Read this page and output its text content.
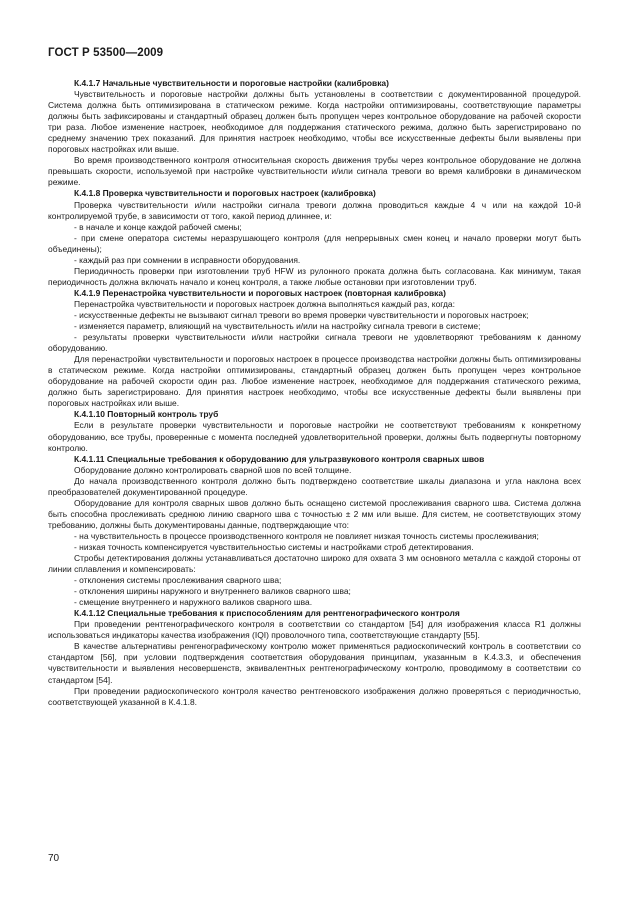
ГОСТ Р 53500—2009

К.4.1.7 Начальные чувствительности и пороговые настройки (калибровка)

Чувствительность и пороговые настройки должны быть установлены в соответствии с документированной процедурой. Система должна быть оптимизирована в статическом режиме. Когда настройки оптимизированы, соответствующие параметры должны быть зафиксированы и стандартный образец должен быть пропущен через контрольное оборудование на рабочей скорости три раза. Любое изменение настроек, необходимое для поддержания статического режима, должно быть зарегистрировано по среднему значению трех показаний. Для принятия настроек необходимо, чтобы все искусственные дефекты были выявлены при пороговых настройках или выше.

Во время производственного контроля относительная скорость движения трубы через контрольное оборудование не должна превышать скорости, используемой при настройке чувствительности и/или сигнала тревоги во время калибровки в динамическом режиме.

К.4.1.8 Проверка чувствительности и пороговых настроек (калибровка)

Проверка чувствительности и/или настройки сигнала тревоги должна проводиться каждые 4 ч или на каждой 10-й контролируемой трубе, в зависимости от того, какой период длиннее, и:

- в начале и конце каждой рабочей смены;

- при смене оператора системы неразрушающего контроля (для непрерывных смен конец и начало проверки могут быть объединены);

- каждый раз при сомнении в исправности оборудования.

Периодичность проверки при изготовлении труб HFW из рулонного проката должна быть согласована. Как минимум, такая периодичность должна включать начало и конец контроля, а также любые остановки при изготовлении труб.

К.4.1.9 Перенастройка чувствительности и пороговых настроек (повторная калибровка)

Перенастройка чувствительности и пороговых настроек должна выполняться каждый раз, когда:

- искусственные дефекты не вызывают сигнал тревоги во время проверки чувствительности и пороговых настроек;

- изменяется параметр, влияющий на чувствительность и/или на настройку сигнала тревоги в системе;

- результаты проверки чувствительности и/или настройки сигнала тревоги не удовлетворяют требованиям к данному оборудованию.

Для перенастройки чувствительности и пороговых настроек в процессе производства настройки должны быть оптимизированы в статическом режиме. Когда настройки оптимизированы, стандартный образец должен быть пропущен через контрольное оборудование на рабочей скорости один раз. Любое изменение настроек, необходимое для поддержания статического режима, должно быть зарегистрировано. Для принятия настроек необходимо, чтобы все искусственные дефекты были выявлены при пороговых настройках или выше.

К.4.1.10 Повторный контроль труб

Если в результате проверки чувствительности и пороговые настройки не соответствуют требованиям к конкретному оборудованию, все трубы, проверенные с момента последней удовлетворительной проверки, должны быть подвергнуты повторному контролю.

К.4.1.11 Специальные требования к оборудованию для ультразвукового контроля сварных швов

Оборудование должно контролировать сварной шов по всей толщине.

До начала производственного контроля должно быть подтверждено соответствие шкалы диапазона и угла наклона всех преобразователей документированной процедуре.

Оборудование для контроля сварных швов должно быть оснащено системой прослеживания сварного шва. Система должна быть способна прослеживать среднюю линию сварного шва с точностью ± 2 мм или выше. Для систем, не соответствующих этому требованию, должны быть документированы данные, подтверждающие что:

- на чувствительность в процессе производственного контроля не повлияет низкая точность системы прослеживания;

- низкая точность компенсируется чувствительностью системы и настройками строб детектирования.

Стробы детектирования должны устанавливаться достаточно широко для охвата 3 мм основного металла с каждой стороны от линии сплавления и компенсировать:

- отклонения системы прослеживания сварного шва;

- отклонения ширины наружного и внутреннего валиков сварного шва;

- смещение внутреннего и наружного валиков сварного шва.

К.4.1.12 Специальные требования к приспособлениям для рентгенографического контроля

При проведении рентгенографического контроля в соответствии со стандартом [54] для изображения класса R1 должны использоваться индикаторы качества изображения (IQI) проволочного типа, соответствующие стандарту [55].

В качестве альтернативы ренгенографическому контролю может применяться радиоскопический контроль в соответствии со стандартом [56], при условии подтверждения соответствия оборудования принципам, указанным в К.4.3.3, и обеспечения чувствительности и выявления несовершенств, эквивалентных рентгенографическому контролю, проводимому в соответствии со стандартом [54].

При проведении радиоскопического контроля качество рентгеновского изображения должно проверяться с периодичностью, соответствующей указанной в К.4.1.8.

70
